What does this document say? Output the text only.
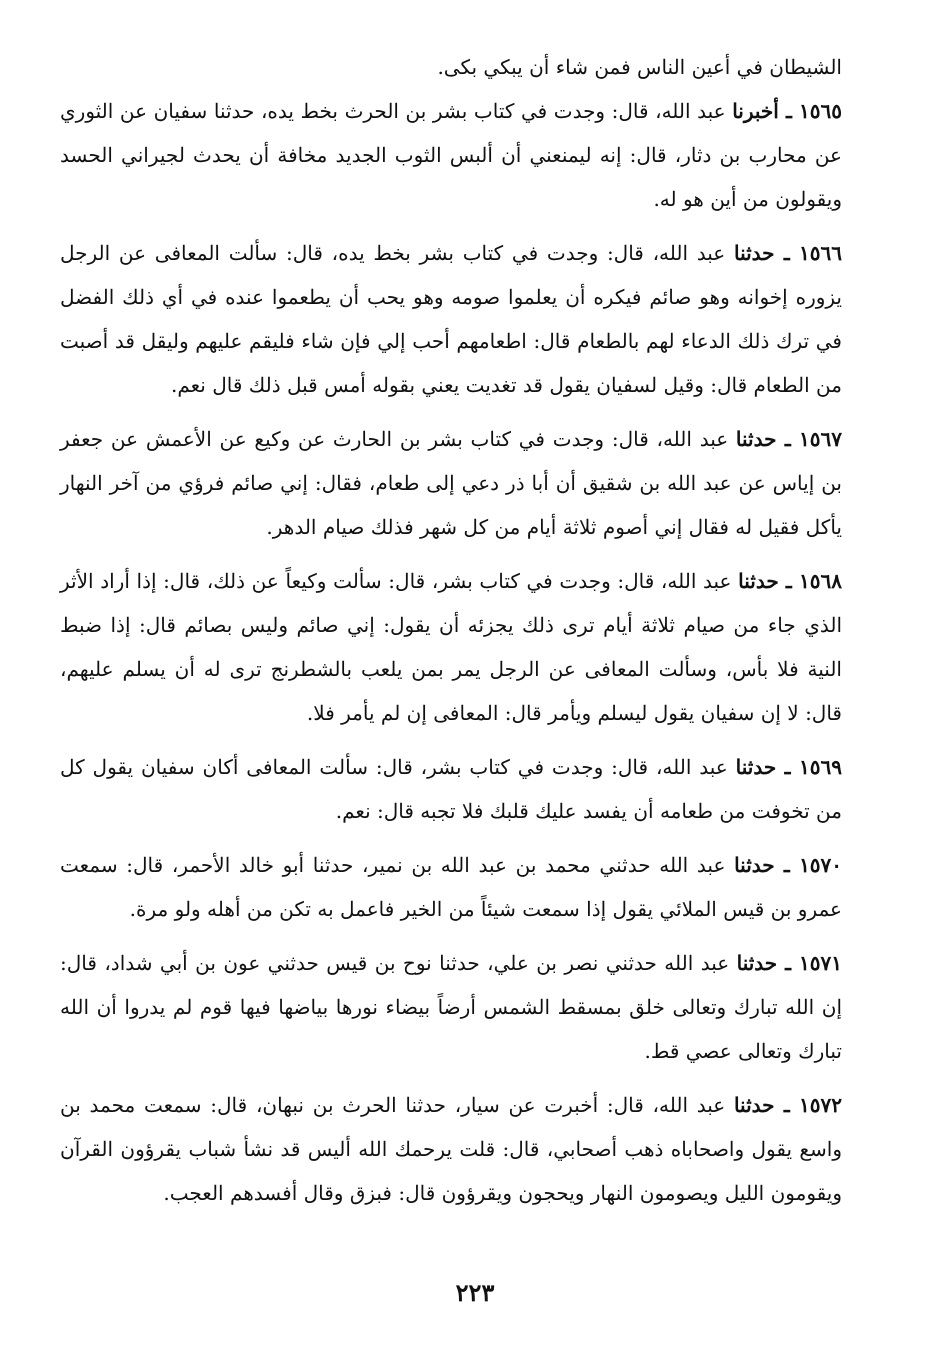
الشيطان في أعين الناس فمن شاء أن يبكي بكى.

١٥٦٥ ـ أخبرنا عبد الله، قال: وجدت في كتاب بشر بن الحرث بخط يده، حدثنا سفيان عن الثوري عن محارب بن دثار، قال: إنه ليمنعني أن ألبس الثوب الجديد مخافة أن يحدث لجيراني الحسد ويقولون من أين هو له.

١٥٦٦ ـ حدثنا عبد الله، قال: وجدت في كتاب بشر بخط يده، قال: سألت المعافى عن الرجل يزوره إخوانه وهو صائم فيكره أن يعلموا صومه وهو يحب أن يطعموا عنده في أي ذلك الفضل في ترك ذلك الدعاء لهم بالطعام قال: اطعامهم أحب إلي فإن شاء فليقم عليهم وليقل قد أصبت من الطعام قال: وقيل لسفيان يقول قد تغديت يعني بقوله أمس قبل ذلك قال نعم.

١٥٦٧ ـ حدثنا عبد الله، قال: وجدت في كتاب بشر بن الحارث عن وكيع عن الأعمش عن جعفر بن إياس عن عبد الله بن شقيق أن أبا ذر دعي إلى طعام، فقال: إني صائم فرؤي من آخر النهار يأكل فقيل له فقال إني أصوم ثلاثة أيام من كل شهر فذلك صيام الدهر.

١٥٦٨ ـ حدثنا عبد الله، قال: وجدت في كتاب بشر، قال: سألت وكيعاً عن ذلك، قال: إذا أراد الأثر الذي جاء من صيام ثلاثة أيام ترى ذلك يجزئه أن يقول: إني صائم وليس بصائم قال: إذا ضبط النية فلا بأس، وسألت المعافى عن الرجل يمر بمن يلعب بالشطرنج ترى له أن يسلم عليهم، قال: لا إن سفيان يقول ليسلم ويأمر قال: المعافى إن لم يأمر فلا.

١٥٦٩ ـ حدثنا عبد الله، قال: وجدت في كتاب بشر، قال: سألت المعافى أكان سفيان يقول كل من تخوفت من طعامه أن يفسد عليك قلبك فلا تجبه قال: نعم.

١٥٧٠ ـ حدثنا عبد الله حدثني محمد بن عبد الله بن نمير، حدثنا أبو خالد الأحمر، قال: سمعت عمرو بن قيس الملائي يقول إذا سمعت شيئاً من الخير فاعمل به تكن من أهله ولو مرة.

١٥٧١ ـ حدثنا عبد الله حدثني نصر بن علي، حدثنا نوح بن قيس حدثني عون بن أبي شداد، قال: إن الله تبارك وتعالى خلق بمسقط الشمس أرضاً بيضاء نورها بياضها فيها قوم لم يدروا أن الله تبارك وتعالى عصي قط.

١٥٧٢ ـ حدثنا عبد الله، قال: أخبرت عن سيار، حدثنا الحرث بن نبهان، قال: سمعت محمد بن واسع يقول واصحاباه ذهب أصحابي، قال: قلت يرحمك الله أليس قد نشأ شباب يقرؤون القرآن ويقومون الليل ويصومون النهار ويحجون ويقرؤون قال: فبزق وقال أفسدهم العجب.

٢٢٣
